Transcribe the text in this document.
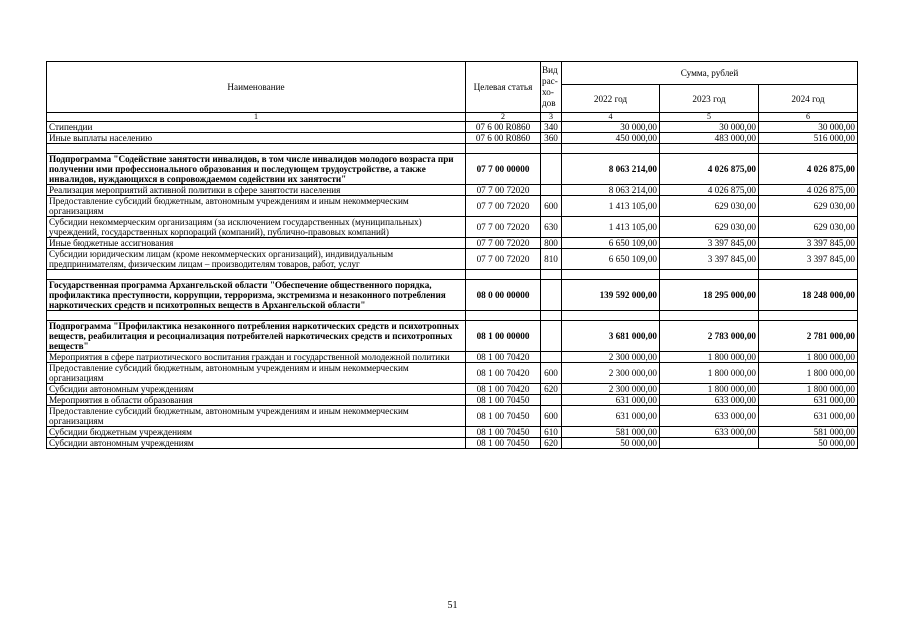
Наименование	Целевая статья	Вид рас-хо-дов	Сумма, рублей		
			2022 год	2023 год	2024 год
1	2	3	4	5	6
Стипендии	07 6 00 R0860	340	30 000,00	30 000,00	30 000,00
Иные выплаты населению	07 6 00 R0860	360	450 000,00	483 000,00	516 000,00

Подпрограмма "Содействие занятости инвалидов, в том числе инвалидов молодого возраста при получении ими профессионального образования и последующем трудоустройстве, а также инвалидов, нуждающихся в сопровождаемом содействии их занятости"	07 7 00 00000		8 063 214,00	4 026 875,00	4 026 875,00
Реализация мероприятий активной политики в сфере занятости населения	07 7 00 72020		8 063 214,00	4 026 875,00	4 026 875,00
Предоставление субсидий бюджетным, автономным учреждениям и иным некоммерческим организациям	07 7 00 72020	600	1 413 105,00	629 030,00	629 030,00
Субсидии некоммерческим организациям (за исключением государственных (муниципальных) учреждений, государственных корпораций (компаний), публично-правовых компаний)	07 7 00 72020	630	1 413 105,00	629 030,00	629 030,00
Иные бюджетные ассигнования	07 7 00 72020	800	6 650 109,00	3 397 845,00	3 397 845,00
Субсидии юридическим лицам (кроме некоммерческих организаций), индивидуальным предпринимателям, физическим лицам – производителям товаров, работ, услуг	07 7 00 72020	810	6 650 109,00	3 397 845,00	3 397 845,00

Государственная программа Архангельской области "Обеспечение общественного порядка, профилактика преступности, коррупции, терроризма, экстремизма и незаконного потребления наркотических средств и психотропных веществ в Архангельской области"	08 0 00 00000		139 592 000,00	18 295 000,00	18 248 000,00

Подпрограмма "Профилактика незаконного потребления наркотических средств и психотропных веществ, реабилитация и ресоциализация потребителей наркотических средств и психотропных веществ"	08 1 00 00000		3 681 000,00	2 783 000,00	2 781 000,00
Мероприятия в сфере патриотического воспитания граждан и государственной молодежной политики	08 1 00 70420		2 300 000,00	1 800 000,00	1 800 000,00
Предоставление субсидий бюджетным, автономным учреждениям и иным некоммерческим организациям	08 1 00 70420	600	2 300 000,00	1 800 000,00	1 800 000,00
Субсидии автономным учреждениям	08 1 00 70420	620	2 300 000,00	1 800 000,00	1 800 000,00
Мероприятия в области образования	08 1 00 70450		631 000,00	633 000,00	631 000,00
Предоставление субсидий бюджетным, автономным учреждениям и иным некоммерческим организациям	08 1 00 70450	600	631 000,00	633 000,00	631 000,00
Субсидии бюджетным учреждениям	08 1 00 70450	610	581 000,00	633 000,00	581 000,00
Субсидии автономным учреждениям	08 1 00 70450	620	50 000,00		50 000,00
51
